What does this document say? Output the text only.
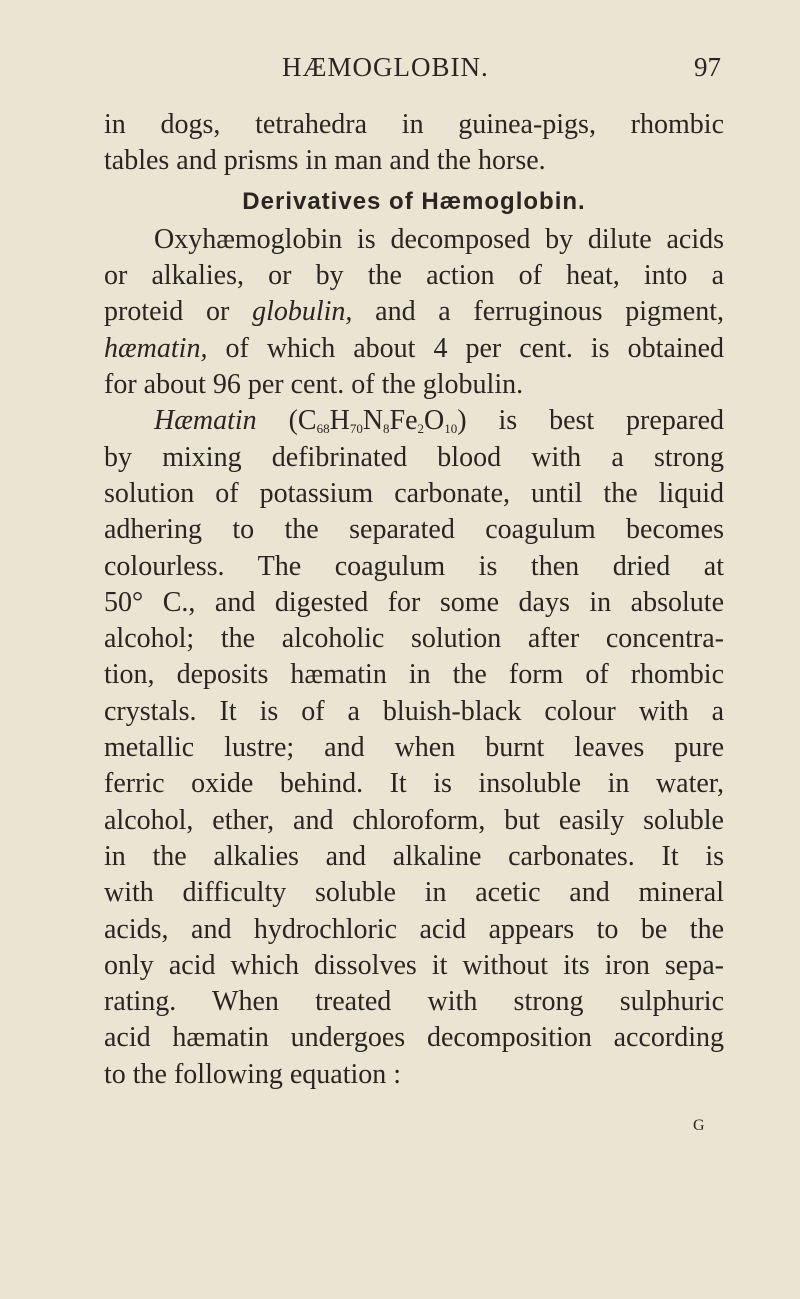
HÆMOGLOBIN.	97
in dogs, tetrahedra in guinea-pigs, rhombic
tables and prisms in man and the horse.
Derivatives of Hæmoglobin.
Oxyhæmoglobin is decomposed by dilute acids
or alkalies, or by the action of heat, into a
proteid or globulin, and a ferruginous pigment,
hæmatin, of which about 4 per cent. is obtained
for about 96 per cent. of the globulin.
Hæmatin $(C_{68}H_{70}N_8Fe_2O_{10})$ is best prepared
by mixing defibrinated blood with a strong
solution of potassium carbonate, until the liquid
adhering to the separated coagulum becomes
colourless. The coagulum is then dried at
50° C., and digested for some days in absolute
alcohol; the alcoholic solution after concentra-
tion, deposits hæmatin in the form of rhombic
crystals. It is of a bluish-black colour with a
metallic lustre; and when burnt leaves pure
ferric oxide behind. It is insoluble in water,
alcohol, ether, and chloroform, but easily soluble
in the alkalies and alkaline carbonates. It is
with difficulty soluble in acetic and mineral
acids, and hydrochloric acid appears to be the
only acid which dissolves it without its iron sepa-
rating. When treated with strong sulphuric
acid hæmatin undergoes decomposition according
to the following equation :
G
